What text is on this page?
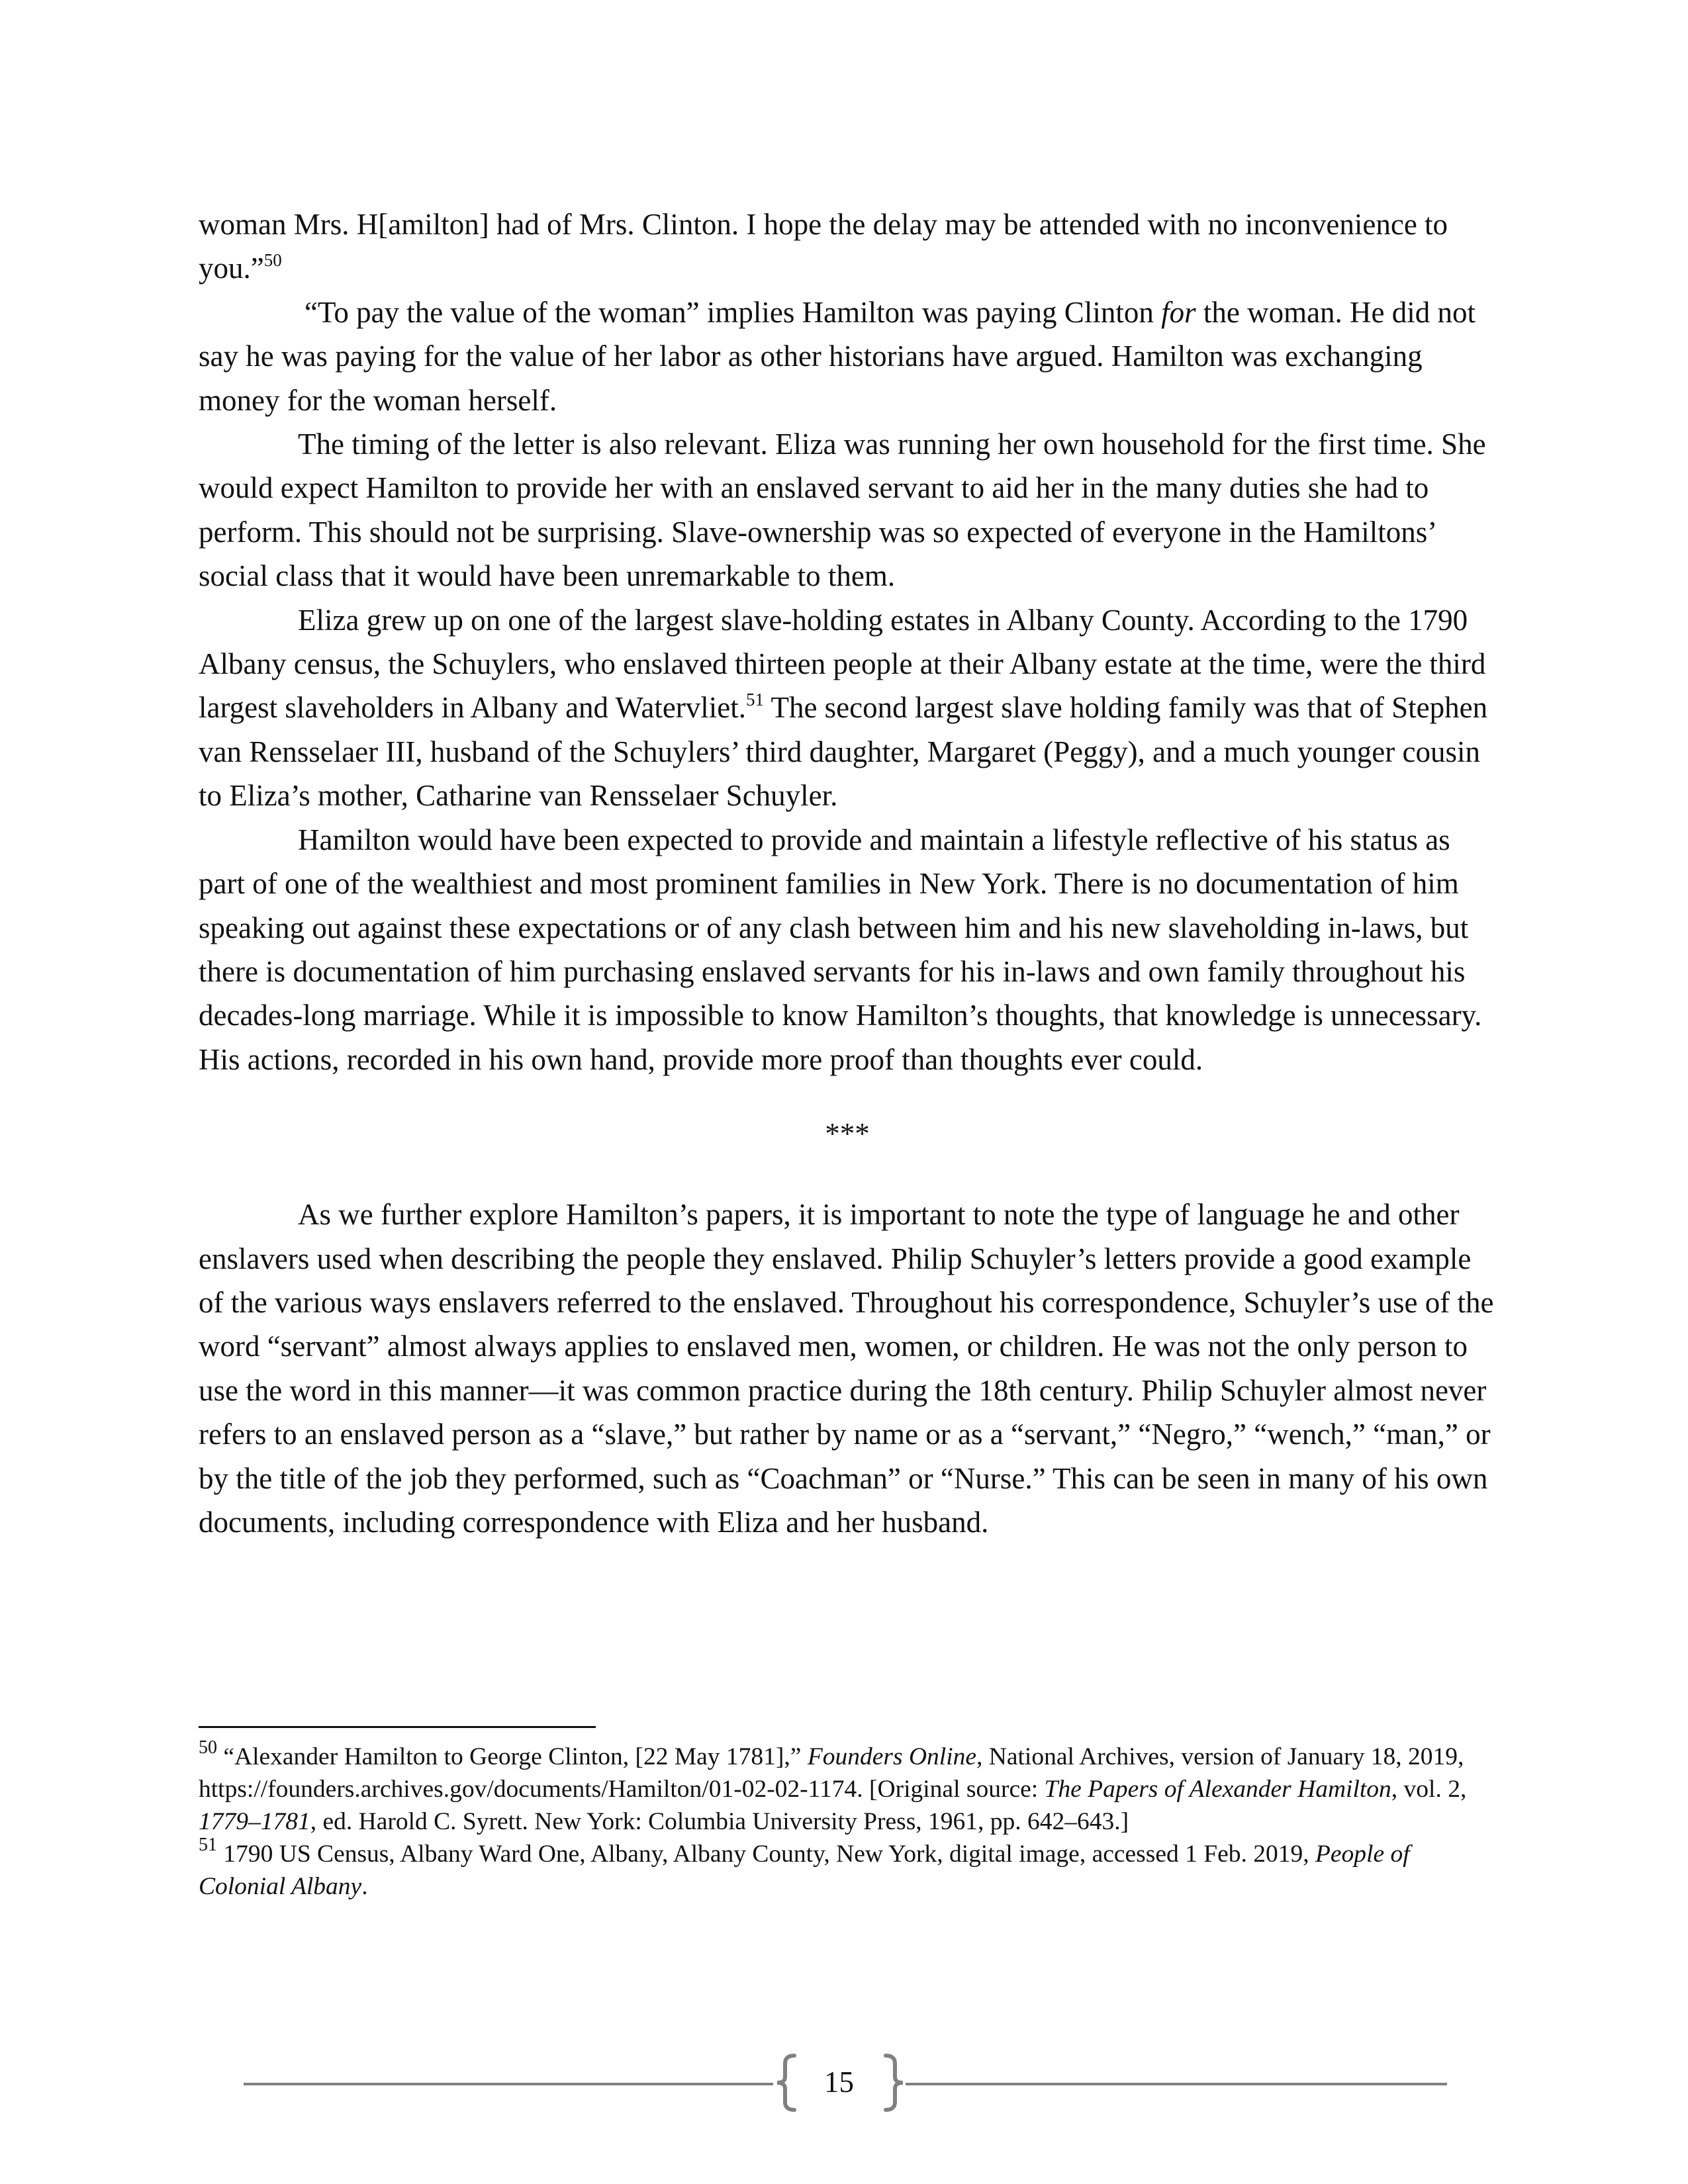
woman Mrs. H[amilton] had of Mrs. Clinton. I hope the delay may be attended with no inconvenience to you.”$^{50}$

“To pay the value of the woman” implies Hamilton was paying Clinton for the woman. He did not say he was paying for the value of her labor as other historians have argued. Hamilton was exchanging money for the woman herself.

The timing of the letter is also relevant. Eliza was running her own household for the first time. She would expect Hamilton to provide her with an enslaved servant to aid her in the many duties she had to perform. This should not be surprising. Slave-ownership was so expected of everyone in the Hamiltons’ social class that it would have been unremarkable to them.

Eliza grew up on one of the largest slave-holding estates in Albany County. According to the 1790 Albany census, the Schuylers, who enslaved thirteen people at their Albany estate at the time, were the third largest slaveholders in Albany and Watervliet.$^{51}$ The second largest slave holding family was that of Stephen van Rensselaer III, husband of the Schuylers’ third daughter, Margaret (Peggy), and a much younger cousin to Eliza’s mother, Catharine van Rensselaer Schuyler.

Hamilton would have been expected to provide and maintain a lifestyle reflective of his status as part of one of the wealthiest and most prominent families in New York. There is no documentation of him speaking out against these expectations or of any clash between him and his new slaveholding in-laws, but there is documentation of him purchasing enslaved servants for his in-laws and own family throughout his decades-long marriage. While it is impossible to know Hamilton’s thoughts, that knowledge is unnecessary. His actions, recorded in his own hand, provide more proof than thoughts ever could.

***

As we further explore Hamilton’s papers, it is important to note the type of language he and other enslavers used when describing the people they enslaved. Philip Schuyler’s letters provide a good example of the various ways enslavers referred to the enslaved. Throughout his correspondence, Schuyler’s use of the word “servant” almost always applies to enslaved men, women, or children. He was not the only person to use the word in this manner—it was common practice during the 18th century. Philip Schuyler almost never refers to an enslaved person as a “slave,” but rather by name or as a “servant,” “Negro,” “wench,” “man,” or by the title of the job they performed, such as “Coachman” or “Nurse.” This can be seen in many of his own documents, including correspondence with Eliza and her husband.

$^{50}$ “Alexander Hamilton to George Clinton, [22 May 1781],” Founders Online, National Archives, version of January 18, 2019, https://founders.archives.gov/documents/Hamilton/01-02-02-1174. [Original source: The Papers of Alexander Hamilton, vol. 2, 1779–1781, ed. Harold C. Syrett. New York: Columbia University Press, 1961, pp. 642–643.]

$^{51}$ 1790 US Census, Albany Ward One, Albany, Albany County, New York, digital image, accessed 1 Feb. 2019, People of Colonial Albany.

15
